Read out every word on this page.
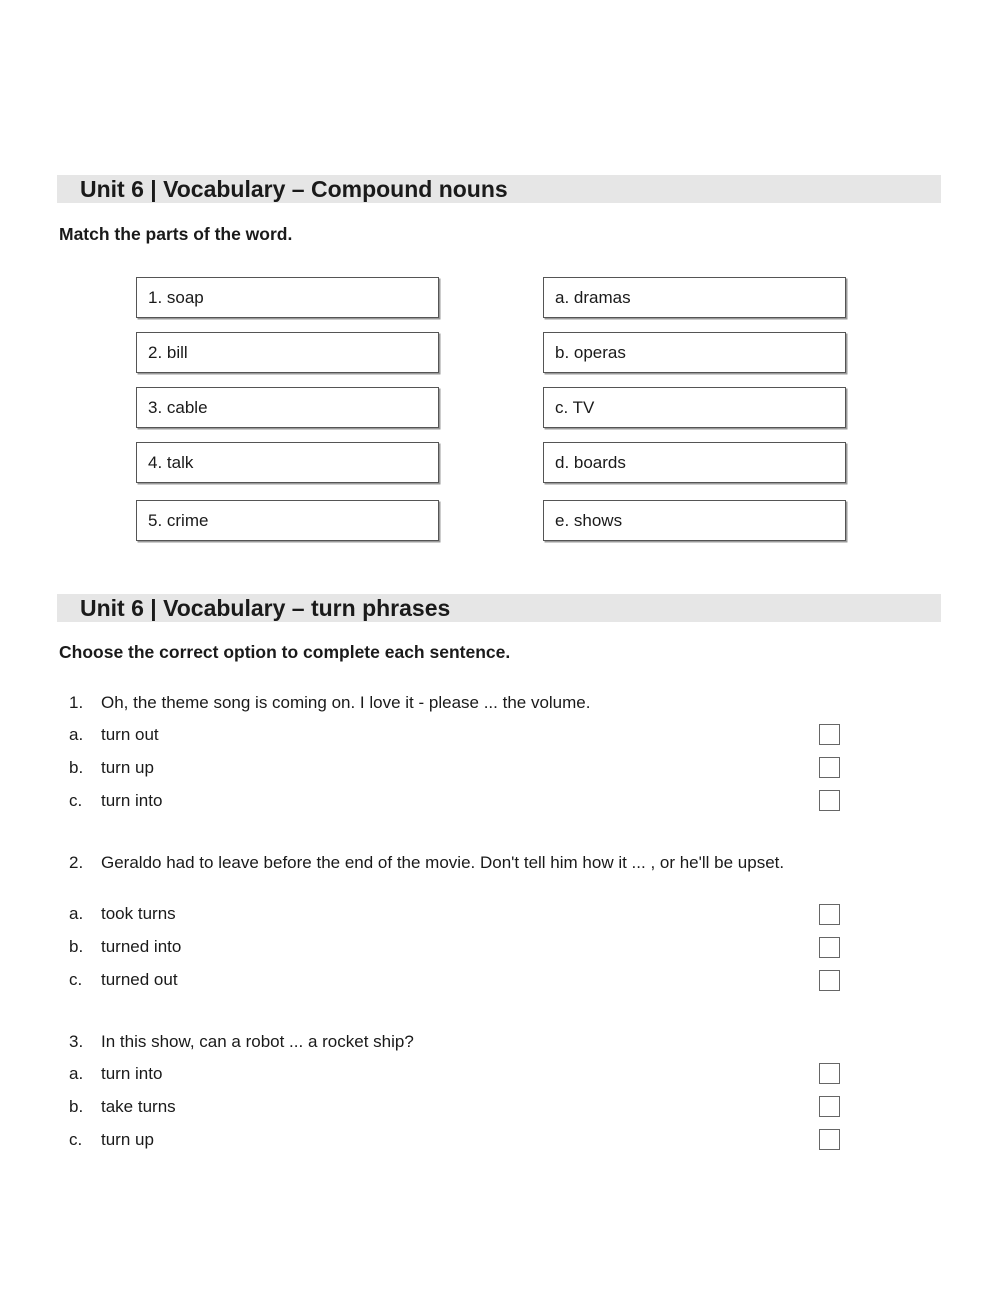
Unit 6 | Vocabulary – Compound nouns
Match the parts of the word.
1. soap
2. bill
3. cable
4. talk
5. crime
a. dramas
b. operas
c. TV
d. boards
e. shows
Unit 6 | Vocabulary – turn phrases
Choose the correct option to complete each sentence.
1. Oh, the theme song is coming on. I love it - please ... the volume.
a. turn out
b. turn up
c. turn into
2. Geraldo had to leave before the end of the movie. Don't tell him how it ... , or he'll be upset.
a. took turns
b. turned into
c. turned out
3. In this show, can a robot ... a rocket ship?
a. turn into
b. take turns
c. turn up
